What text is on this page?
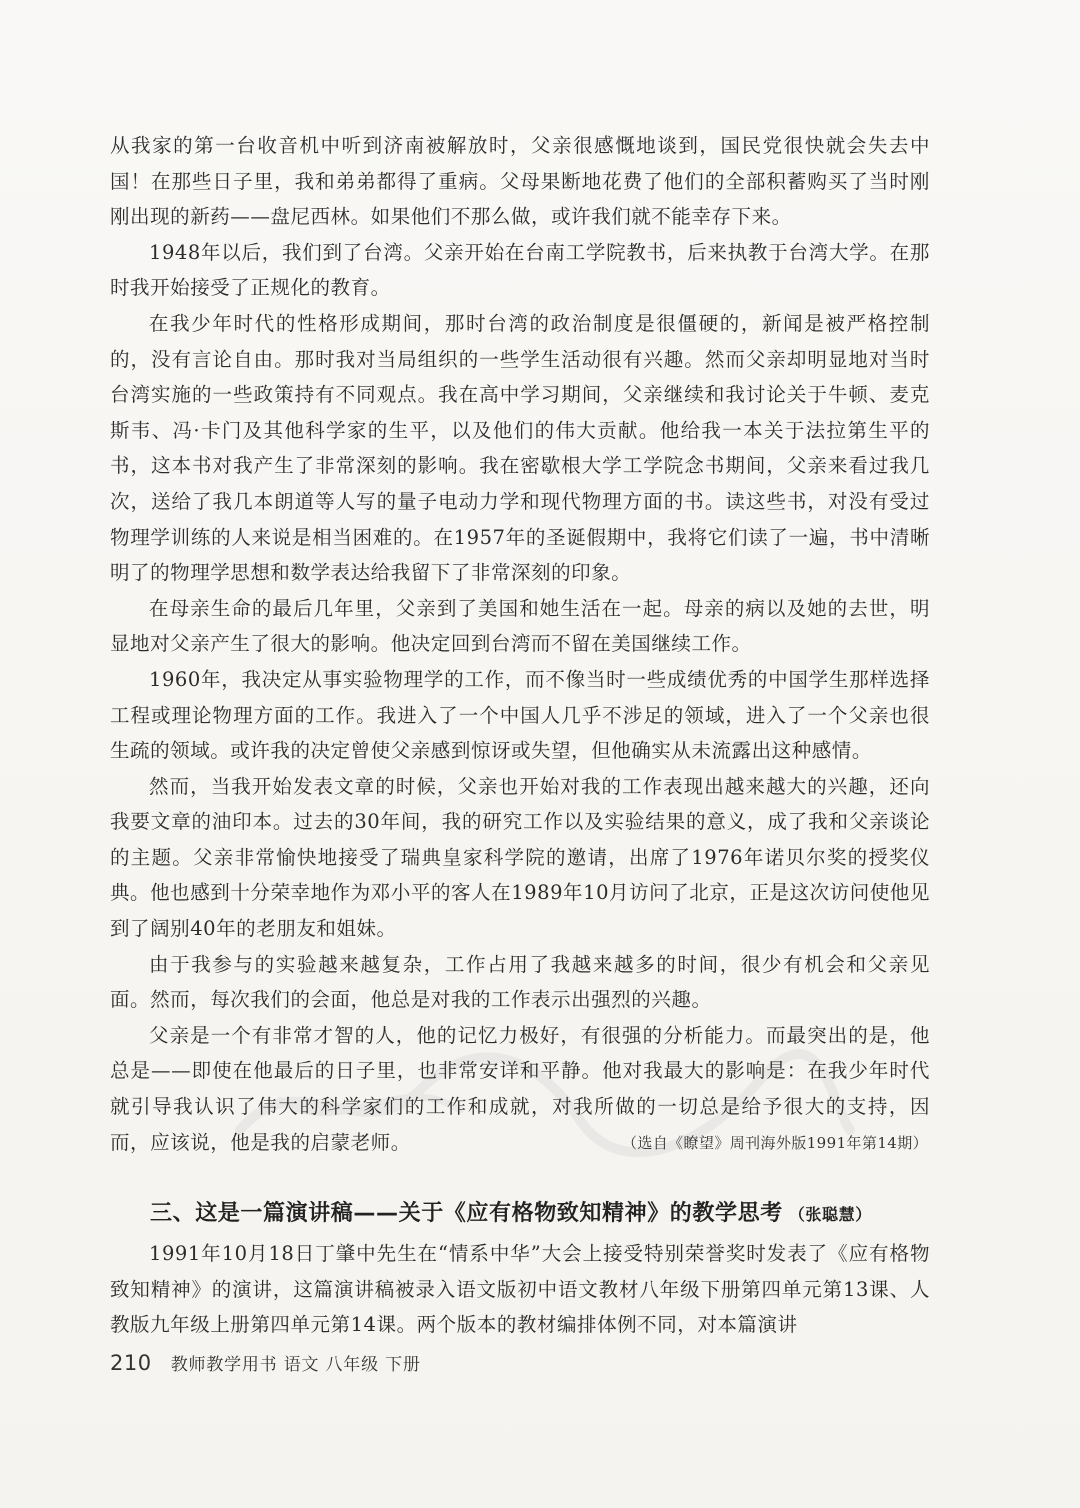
从我家的第一台收音机中听到济南被解放时，父亲很感慨地谈到，国民党很快就会失去中国！在那些日子里，我和弟弟都得了重病。父母果断地花费了他们的全部积蓄购买了当时刚刚出现的新药——盘尼西林。如果他们不那么做，或许我们就不能幸存下来。

1948年以后，我们到了台湾。父亲开始在台南工学院教书，后来执教于台湾大学。在那时我开始接受了正规化的教育。

在我少年时代的性格形成期间，那时台湾的政治制度是很僵硬的，新闻是被严格控制的，没有言论自由。那时我对当局组织的一些学生活动很有兴趣。然而父亲却明显地对当时台湾实施的一些政策持有不同观点。我在高中学习期间，父亲继续和我讨论关于牛顿、麦克斯韦、冯·卡门及其他科学家的生平，以及他们的伟大贡献。他给我一本关于法拉第生平的书，这本书对我产生了非常深刻的影响。我在密歇根大学工学院念书期间，父亲来看过我几次，送给了我几本朗道等人写的量子电动力学和现代物理方面的书。读这些书，对没有受过物理学训练的人来说是相当困难的。在1957年的圣诞假期中，我将它们读了一遍，书中清晰明了的物理学思想和数学表达给我留下了非常深刻的印象。

在母亲生命的最后几年里，父亲到了美国和她生活在一起。母亲的病以及她的去世，明显地对父亲产生了很大的影响。他决定回到台湾而不留在美国继续工作。

1960年，我决定从事实验物理学的工作，而不像当时一些成绩优秀的中国学生那样选择工程或理论物理方面的工作。我进入了一个中国人几乎不涉足的领域，进入了一个父亲也很生疏的领域。或许我的决定曾使父亲感到惊讶或失望，但他确实从未流露出这种感情。

然而，当我开始发表文章的时候，父亲也开始对我的工作表现出越来越大的兴趣，还向我要文章的油印本。过去的30年间，我的研究工作以及实验结果的意义，成了我和父亲谈论的主题。父亲非常愉快地接受了瑞典皇家科学院的邀请，出席了1976年诺贝尔奖的授奖仪典。他也感到十分荣幸地作为邓小平的客人在1989年10月访问了北京，正是这次访问使他见到了阔别40年的老朋友和姐妹。

由于我参与的实验越来越复杂，工作占用了我越来越多的时间，很少有机会和父亲见面。然而，每次我们的会面，他总是对我的工作表示出强烈的兴趣。

父亲是一个有非常才智的人，他的记忆力极好，有很强的分析能力。而最突出的是，他总是——即使在他最后的日子里，也非常安详和平静。他对我最大的影响是：在我少年时代就引导我认识了伟大的科学家们的工作和成就，对我所做的一切总是给予很大的支持，因而，应该说，他是我的启蒙老师。	（选自《瞭望》周刊海外版1991年第14期）
三、这是一篇演讲稿——关于《应有格物致知精神》的教学思考 （张聪慧）

1991年10月18日丁肇中先生在“情系中华”大会上接受特别荣誉奖时发表了《应有格物致知精神》的演讲，这篇演讲稿被录入语文版初中语文教材八年级下册第四单元第13课、人教版九年级上册第四单元第14课。两个版本的教材编排体例不同，对本篇演讲

210 教师教学用书 语文 八年级 下册
